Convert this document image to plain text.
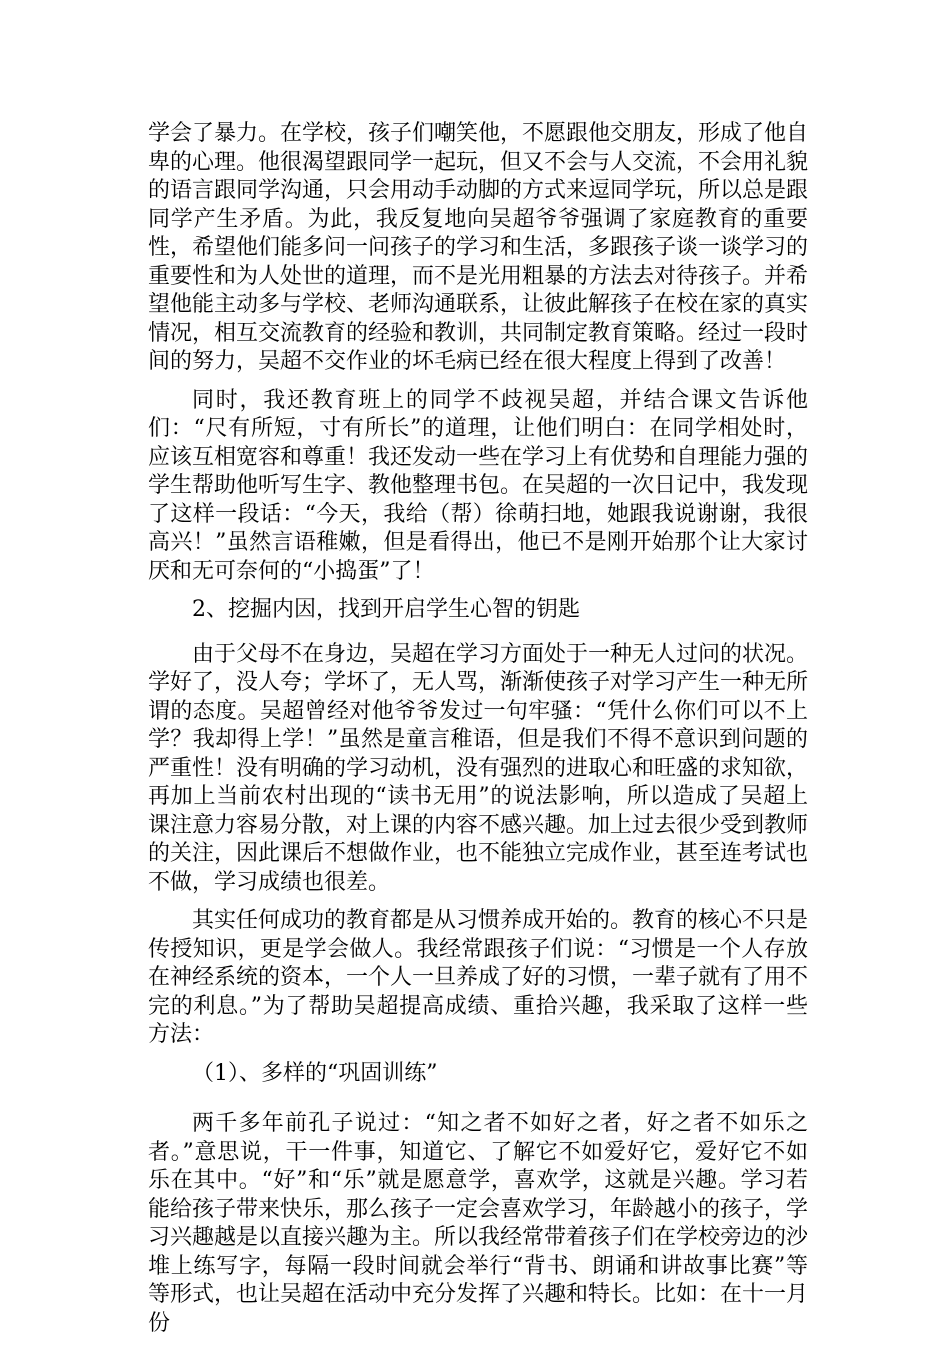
学会了暴力。在学校，孩子们嘲笑他，不愿跟他交朋友，形成了他自卑的心理。他很渴望跟同学一起玩，但又不会与人交流，不会用礼貌的语言跟同学沟通，只会用动手动脚的方式来逗同学玩，所以总是跟同学产生矛盾。为此，我反复地向吴超爷爷强调了家庭教育的重要性，希望他们能多问一问孩子的学习和生活，多跟孩子谈一谈学习的重要性和为人处世的道理，而不是光用粗暴的方法去对待孩子。并希望他能主动多与学校、老师沟通联系，让彼此解孩子在校在家的真实情况，相互交流教育的经验和教训，共同制定教育策略。经过一段时间的努力，吴超不交作业的坏毛病已经在很大程度上得到了改善！

同时，我还教育班上的同学不歧视吴超，并结合课文告诉他们：“尺有所短，寸有所长”的道理，让他们明白：在同学相处时，应该互相宽容和尊重！我还发动一些在学习上有优势和自理能力强的学生帮助他听写生字、教他整理书包。在吴超的一次日记中，我发现了这样一段话：“今天，我给（帮）徐萌扫地，她跟我说谢谢，我很高兴！”虽然言语稚嫩，但是看得出，他已不是刚开始那个让大家讨厌和无可奈何的“小捣蛋”了！

2、挖掘内因，找到开启学生心智的钥匙

由于父母不在身边，吴超在学习方面处于一种无人过问的状况。学好了，没人夸；学坏了，无人骂，渐渐使孩子对学习产生一种无所谓的态度。吴超曾经对他爷爷发过一句牢骚：“凭什么你们可以不上学？我却得上学！”虽然是童言稚语，但是我们不得不意识到问题的严重性！没有明确的学习动机，没有强烈的进取心和旺盛的求知欲，再加上当前农村出现的“读书无用”的说法影响，所以造成了吴超上课注意力容易分散，对上课的内容不感兴趣。加上过去很少受到教师的关注，因此课后不想做作业，也不能独立完成作业，甚至连考试也不做，学习成绩也很差。

其实任何成功的教育都是从习惯养成开始的。教育的核心不只是传授知识，更是学会做人。我经常跟孩子们说：“习惯是一个人存放在神经系统的资本，一个人一旦养成了好的习惯，一辈子就有了用不完的利息。”为了帮助吴超提高成绩、重拾兴趣，我采取了这样一些方法：

（1）、多样的“巩固训练”

两千多年前孔子说过：“知之者不如好之者，好之者不如乐之者。”意思说，干一件事，知道它、了解它不如爱好它，爱好它不如乐在其中。“好”和“乐”就是愿意学，喜欢学，这就是兴趣。学习若能给孩子带来快乐，那么孩子一定会喜欢学习，年龄越小的孩子，学习兴趣越是以直接兴趣为主。所以我经常带着孩子们在学校旁边的沙堆上练写字，每隔一段时间就会举行“背书、朗诵和讲故事比赛”等等形式，也让吴超在活动中充分发挥了兴趣和特长。比如：在十一月份
